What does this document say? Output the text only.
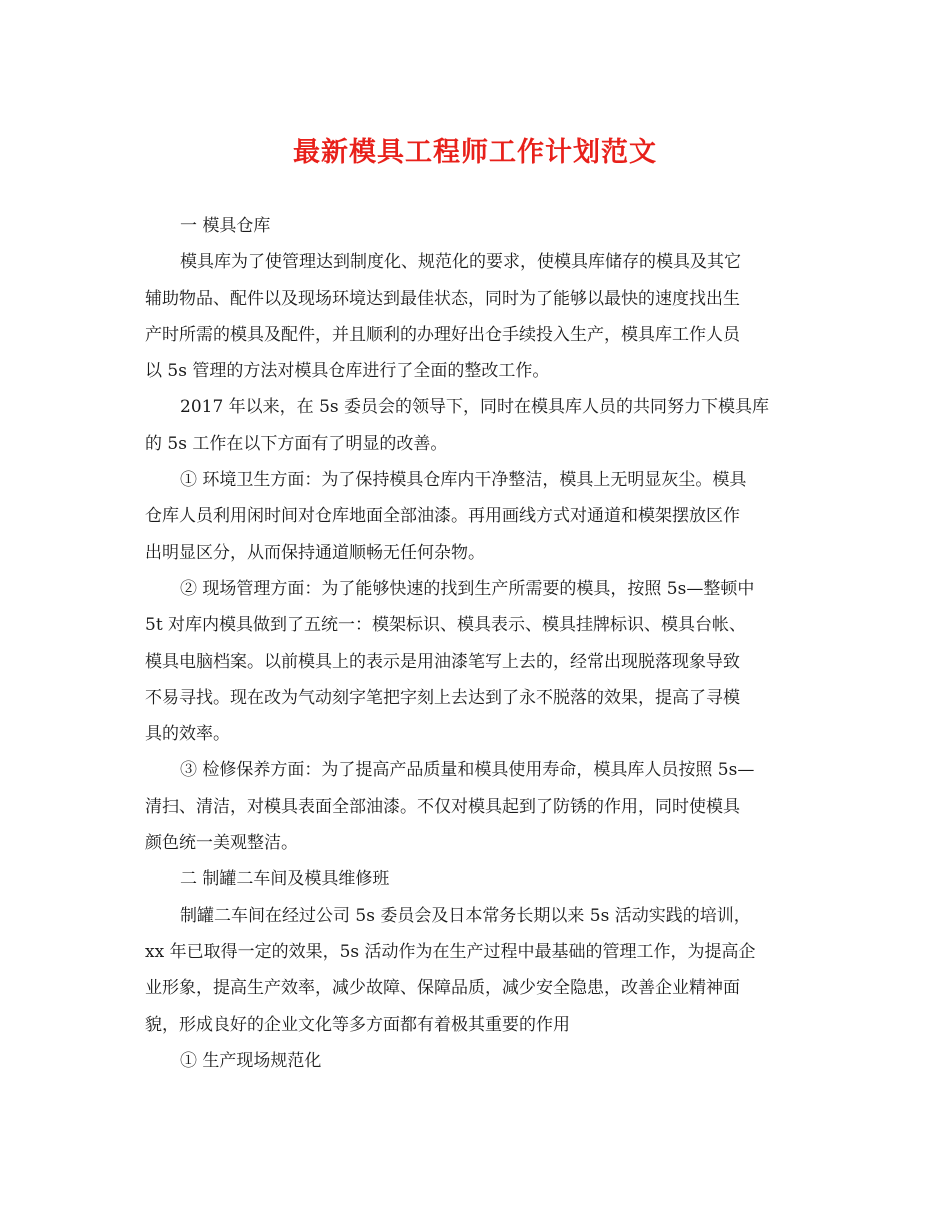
最新模具工程师工作计划范文
一 模具仓库
模具库为了使管理达到制度化、规范化的要求，使模具库储存的模具及其它
辅助物品、配件以及现场环境达到最佳状态，同时为了能够以最快的速度找出生
产时所需的模具及配件，并且顺利的办理好出仓手续投入生产，模具库工作人员
以 5s 管理的方法对模具仓库进行了全面的整改工作。
2017 年以来，在 5s 委员会的领导下，同时在模具库人员的共同努力下模具库
的 5s 工作在以下方面有了明显的改善。
① 环境卫生方面：为了保持模具仓库内干净整洁，模具上无明显灰尘。模具
仓库人员利用闲时间对仓库地面全部油漆。再用画线方式对通道和模架摆放区作
出明显区分，从而保持通道顺畅无任何杂物。
② 现场管理方面：为了能够快速的找到生产所需要的模具，按照 5s—整顿中
5t 对库内模具做到了五统一：模架标识、模具表示、模具挂牌标识、模具台帐、
模具电脑档案。以前模具上的表示是用油漆笔写上去的，经常出现脱落现象导致
不易寻找。现在改为气动刻字笔把字刻上去达到了永不脱落的效果，提高了寻模
具的效率。
③ 检修保养方面：为了提高产品质量和模具使用寿命，模具库人员按照 5s—
清扫、清洁，对模具表面全部油漆。不仅对模具起到了防锈的作用，同时使模具
颜色统一美观整洁。
二 制罐二车间及模具维修班
制罐二车间在经过公司 5s 委员会及日本常务长期以来 5s 活动实践的培训，
xx 年已取得一定的效果，5s 活动作为在生产过程中最基础的管理工作，为提高企
业形象，提高生产效率，减少故障、保障品质，减少安全隐患，改善企业精神面
貌，形成良好的企业文化等多方面都有着极其重要的作用
① 生产现场规范化
